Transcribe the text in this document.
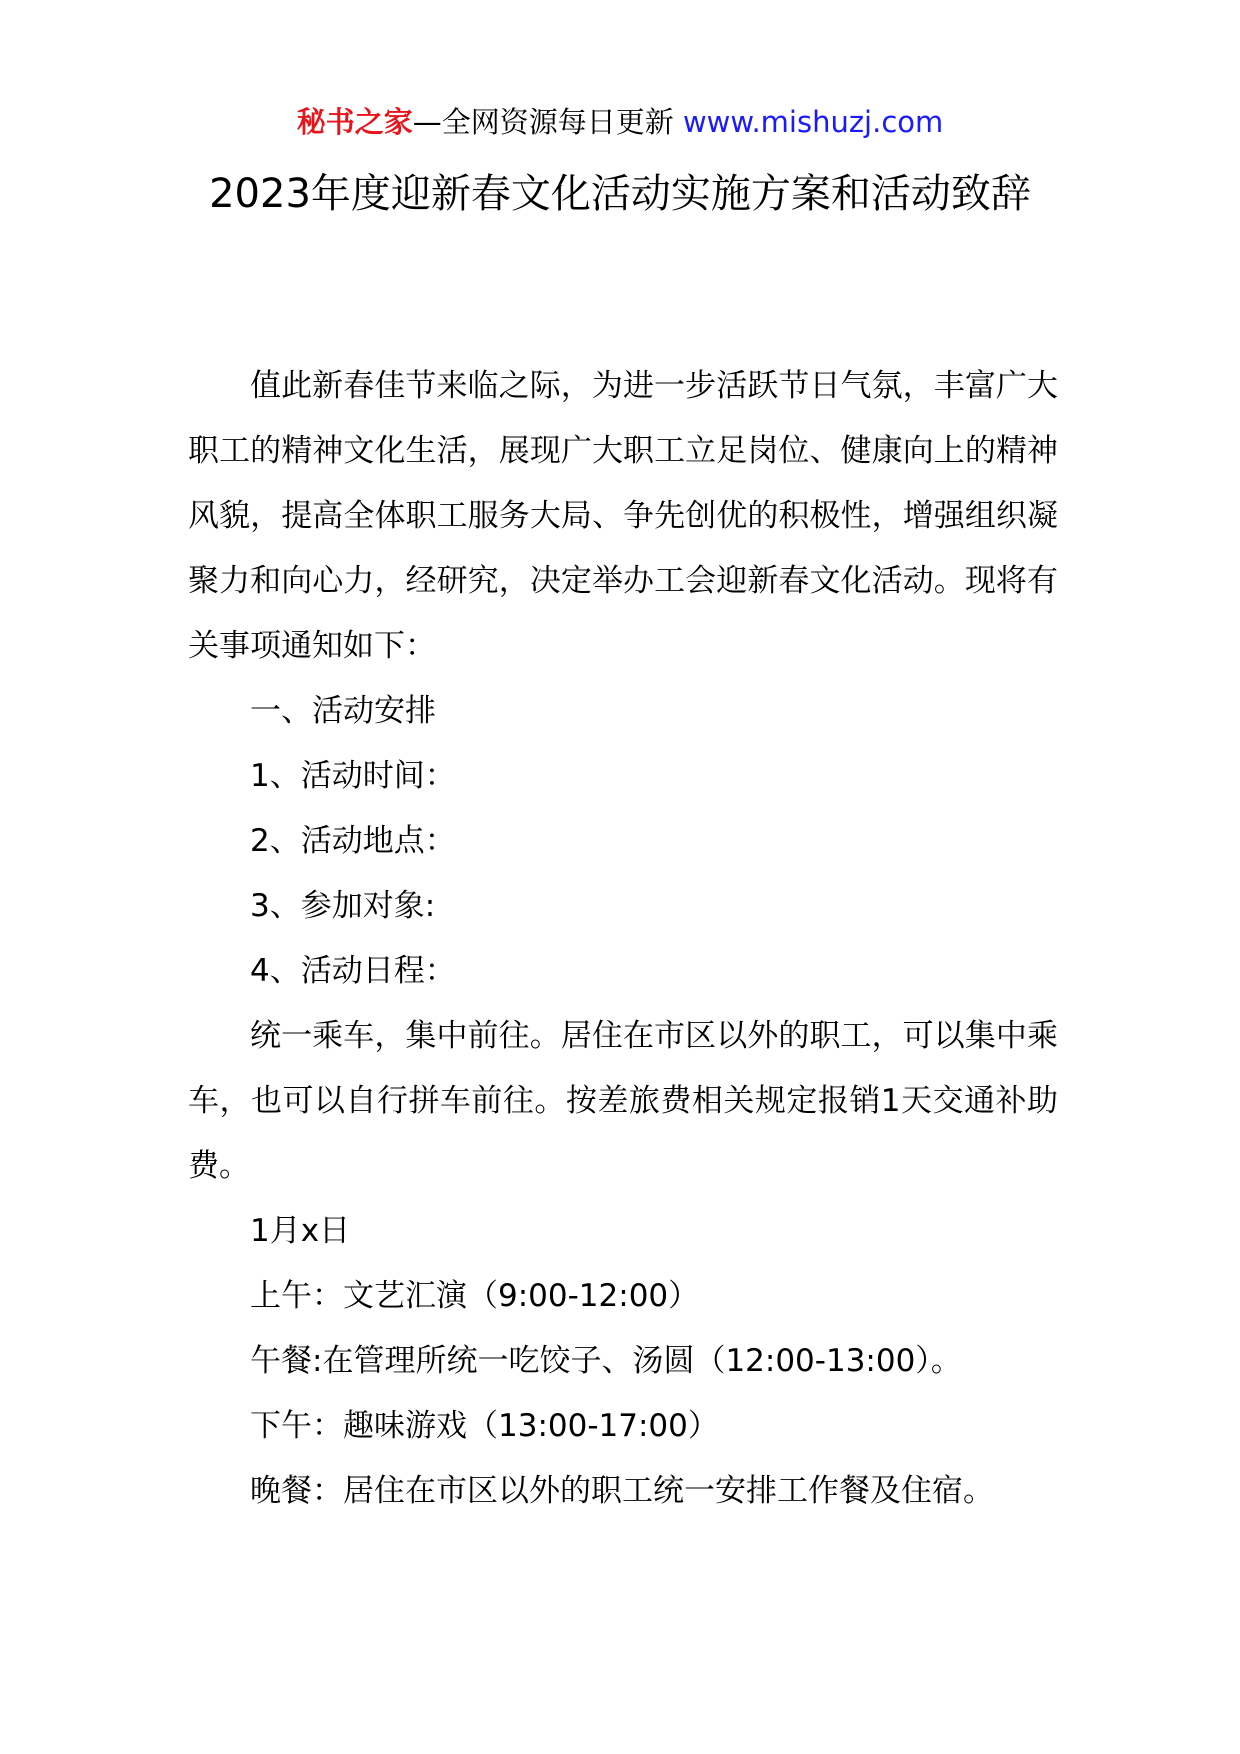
秘书之家—全网资源每日更新 www.mishuzj.com
2023年度迎新春文化活动实施方案和活动致辞

值此新春佳节来临之际，为进一步活跃节日气氛，丰富广大职工的精神文化生活，展现广大职工立足岗位、健康向上的精神风貌，提高全体职工服务大局、争先创优的积极性，增强组织凝聚力和向心力，经研究，决定举办工会迎新春文化活动。现将有关事项通知如下：

一、活动安排

1、活动时间：

2、活动地点：

3、参加对象:

4、活动日程：

统一乘车，集中前往。居住在市区以外的职工，可以集中乘车，也可以自行拼车前往。按差旅费相关规定报销1天交通补助费。

1月x日

上午：文艺汇演（9:00-12:00）

午餐:在管理所统一吃饺子、汤圆（12:00-13:00）。

下午：趣味游戏（13:00-17:00）

晚餐：居住在市区以外的职工统一安排工作餐及住宿。
